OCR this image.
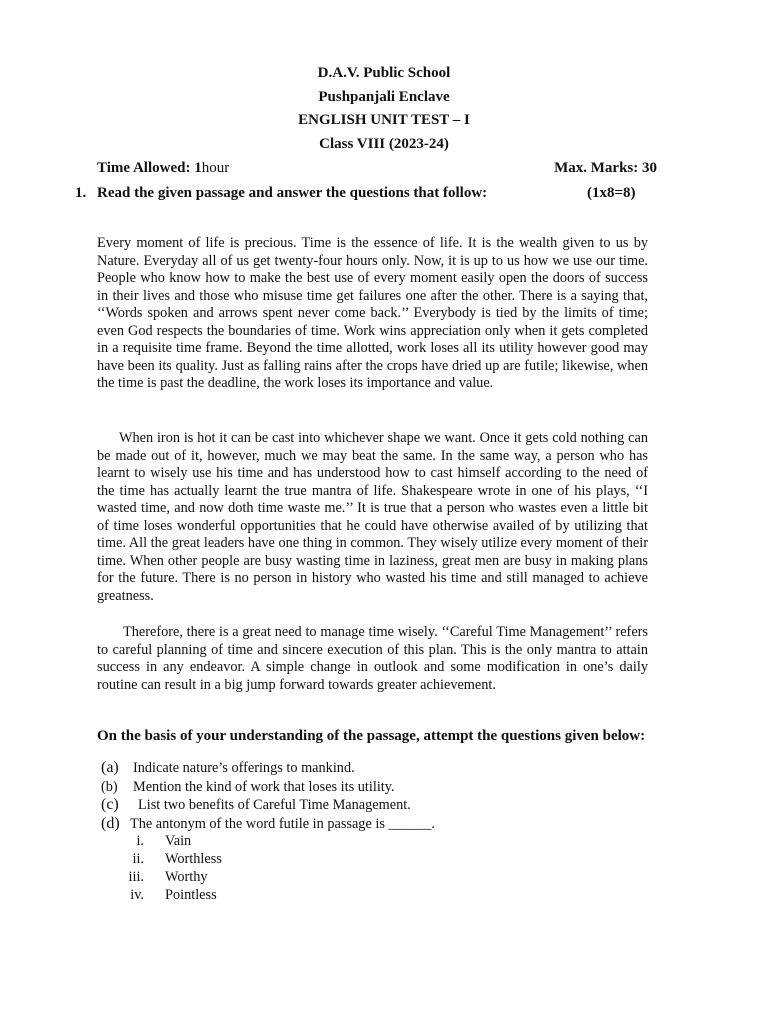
D.A.V. Public School
Pushpanjali Enclave
ENGLISH UNIT TEST – I
Class VIII (2023-24)
Time Allowed: 1hour	Max. Marks: 30
1. Read the given passage and answer the questions that follow:	(1x8=8)

Every moment of life is precious. Time is the essence of life. It is the wealth given to us by Nature. Everyday all of us get twenty-four hours only. Now, it is up to us how we use our time. People who know how to make the best use of every moment easily open the doors of success in their lives and those who misuse time get failures one after the other. There is a saying that, ‘‘Words spoken and arrows spent never come back.’’ Everybody is tied by the limits of time; even God respects the boundaries of time. Work wins appreciation only when it gets completed in a requisite time frame. Beyond the time allotted, work loses all its utility however good may have been its quality. Just as falling rains after the crops have dried up are futile; likewise, when the time is past the deadline, the work loses its importance and value.

When iron is hot it can be cast into whichever shape we want. Once it gets cold nothing can be made out of it, however, much we may beat the same. In the same way, a person who has learnt to wisely use his time and has understood how to cast himself according to the need of the time has actually learnt the true mantra of life. Shakespeare wrote in one of his plays, ‘‘I wasted time, and now doth time waste me.’’ It is true that a person who wastes even a little bit of time loses wonderful opportunities that he could have otherwise availed of by utilizing that time. All the great leaders have one thing in common. They wisely utilize every moment of their time. When other people are busy wasting time in laziness, great men are busy in making plans for the future. There is no person in history who wasted his time and still managed to achieve greatness.

Therefore, there is a great need to manage time wisely. ‘‘Careful Time Management’’ refers to careful planning of time and sincere execution of this plan. This is the only mantra to attain success in any endeavor. A simple change in outlook and some modification in one’s daily routine can result in a big jump forward towards greater achievement.

On the basis of your understanding of the passage, attempt the questions given below:
(a) Indicate nature’s offerings to mankind.
(b) Mention the kind of work that loses its utility.
(c) List two benefits of Careful Time Management.
(d) The antonym of the word futile in passage is ______.
i. Vain
ii. Worthless
iii. Worthy
iv. Pointless
